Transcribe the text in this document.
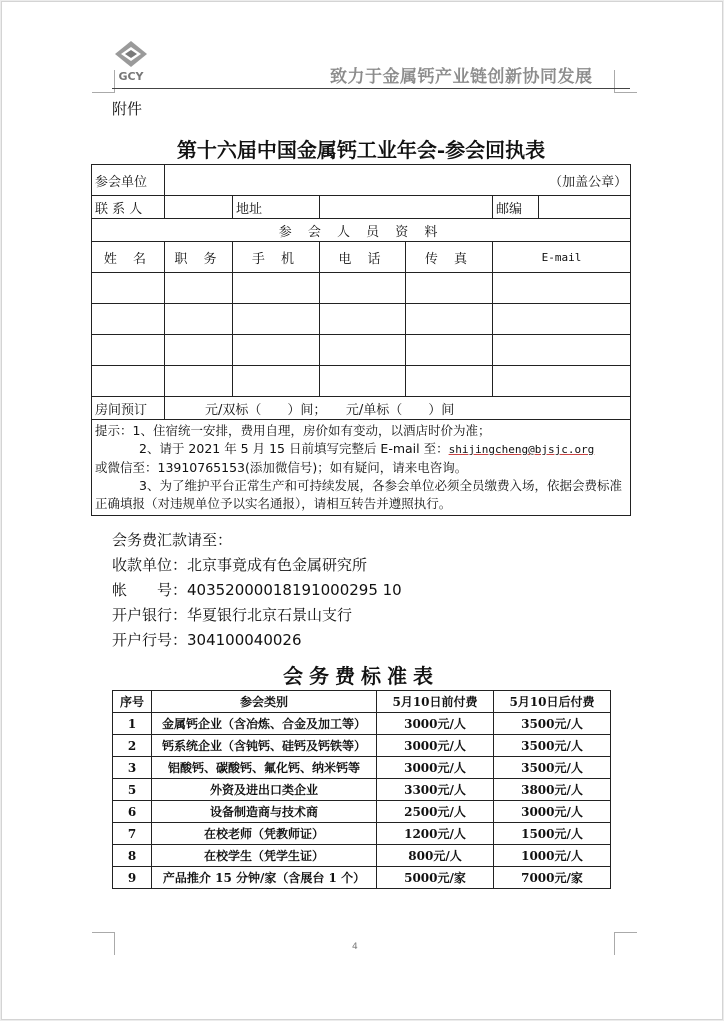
GCY	致力于金属钙产业链创新协同发展
附件
第十六届中国金属钙工业年会-参会回执表
参会单位	（加盖公章）					
联 系 人		地址			邮编	
参 会 人 员 资 料						
姓 名	职 务	手 机	电 话	传 真	E-mail	

房间预订	元/双标（　　）间；　　元/单标（　　）间					

提示：1、住宿统一安排，费用自理，房价如有变动，以酒店时价为准；
2、请于 2021 年 5 月 15 日前填写完整后 E-mail 至：shijingcheng@bjsjc.org
或微信至：13910765153(添加微信号)；如有疑问，请来电咨询。
3、为了维护平台正常生产和可持续发展，各参会单位必须全员缴费入场，依据会费标准正确填报（对违规单位予以实名通报），请相互转告并遵照执行。						
会务费汇款请至：
收款单位：北京事竟成有色金属研究所
帐　　号：40352000018191000295 10
开户银行：华夏银行北京石景山支行
开户行号：304100040026
会务费标准表
序号	参会类别	5月10日前付费	5月10日后付费
1	金属钙企业（含冶炼、合金及加工等）	3000元/人	3500元/人
2	钙系统企业（含钝钙、硅钙及钙铁等）	3000元/人	3500元/人
3	铝酸钙、碳酸钙、氟化钙、纳米钙等	3000元/人	3500元/人
5	外资及进出口类企业	3300元/人	3800元/人
6	设备制造商与技术商	2500元/人	3000元/人
7	在校老师（凭教师证）	1200元/人	1500元/人
8	在校学生（凭学生证）	800元/人	1000元/人
9	产品推介 15 分钟/家（含展台 1 个）	5000元/家	7000元/家
4
